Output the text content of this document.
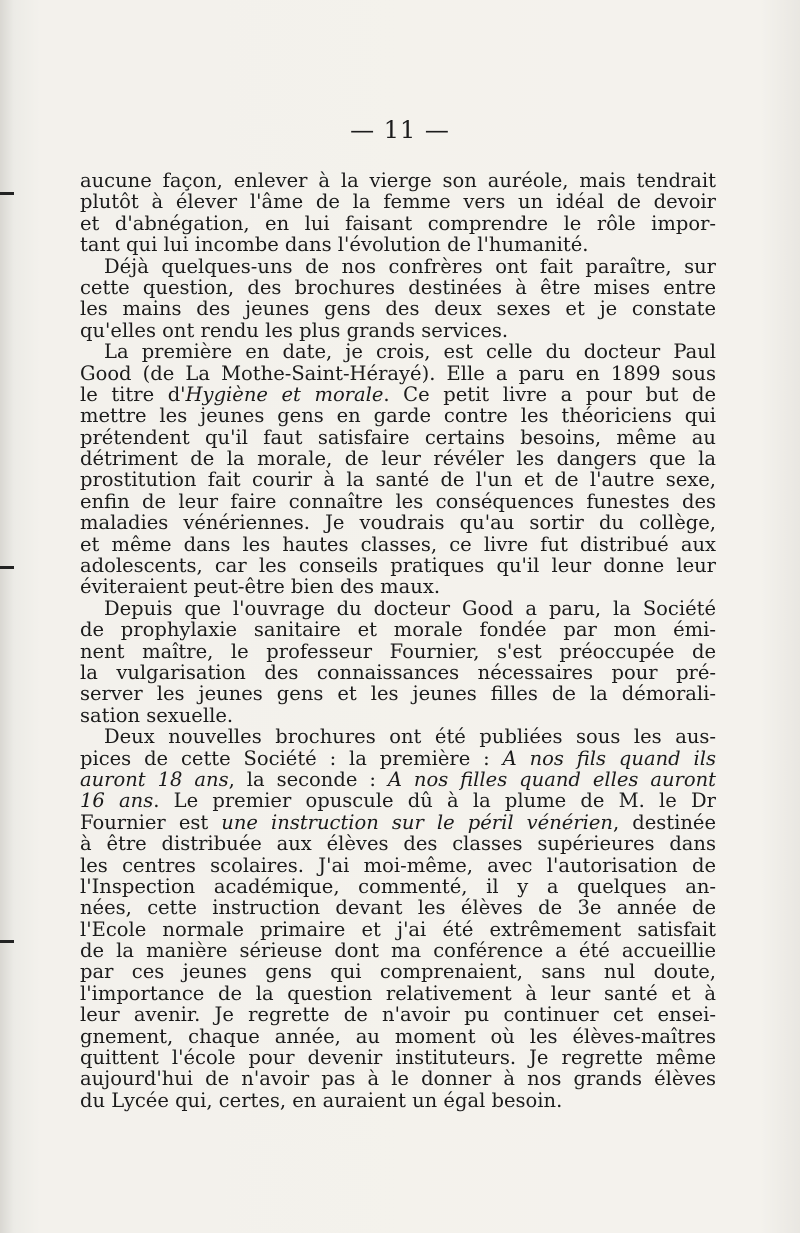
— 11 —
aucune façon, enlever à la vierge son auréole, mais tendrait
plutôt à élever l'âme de la femme vers un idéal de devoir
et d'abnégation, en lui faisant comprendre le rôle impor-
tant qui lui incombe dans l'évolution de l'humanité.
Déjà quelques-uns de nos confrères ont fait paraître, sur
cette question, des brochures destinées à être mises entre
les mains des jeunes gens des deux sexes et je constate
qu'elles ont rendu les plus grands services.
La première en date, je crois, est celle du docteur Paul
Good (de La Mothe-Saint-Hérayé). Elle a paru en 1899 sous
le titre d'Hygiène et morale. Ce petit livre a pour but de
mettre les jeunes gens en garde contre les théoriciens qui
prétendent qu'il faut satisfaire certains besoins, même au
détriment de la morale, de leur révéler les dangers que la
prostitution fait courir à la santé de l'un et de l'autre sexe,
enfin de leur faire connaître les conséquences funestes des
maladies vénériennes. Je voudrais qu'au sortir du collège,
et même dans les hautes classes, ce livre fut distribué aux
adolescents, car les conseils pratiques qu'il leur donne leur
éviteraient peut-être bien des maux.
Depuis que l'ouvrage du docteur Good a paru, la Société
de prophylaxie sanitaire et morale fondée par mon émi-
nent maître, le professeur Fournier, s'est préoccupée de
la vulgarisation des connaissances nécessaires pour pré-
server les jeunes gens et les jeunes filles de la démorali-
sation sexuelle.
Deux nouvelles brochures ont été publiées sous les aus-
pices de cette Société : la première : A nos fils quand ils
auront 18 ans, la seconde : A nos filles quand elles auront
16 ans. Le premier opuscule dû à la plume de M. le Dr
Fournier est une instruction sur le péril vénérien, destinée
à être distribuée aux élèves des classes supérieures dans
les centres scolaires. J'ai moi-même, avec l'autorisation de
l'Inspection académique, commenté, il y a quelques an-
nées, cette instruction devant les élèves de 3e année de
l'Ecole normale primaire et j'ai été extrêmement satisfait
de la manière sérieuse dont ma conférence a été accueillie
par ces jeunes gens qui comprenaient, sans nul doute,
l'importance de la question relativement à leur santé et à
leur avenir. Je regrette de n'avoir pu continuer cet ensei-
gnement, chaque année, au moment où les élèves-maîtres
quittent l'école pour devenir instituteurs. Je regrette même
aujourd'hui de n'avoir pas à le donner à nos grands élèves
du Lycée qui, certes, en auraient un égal besoin.
